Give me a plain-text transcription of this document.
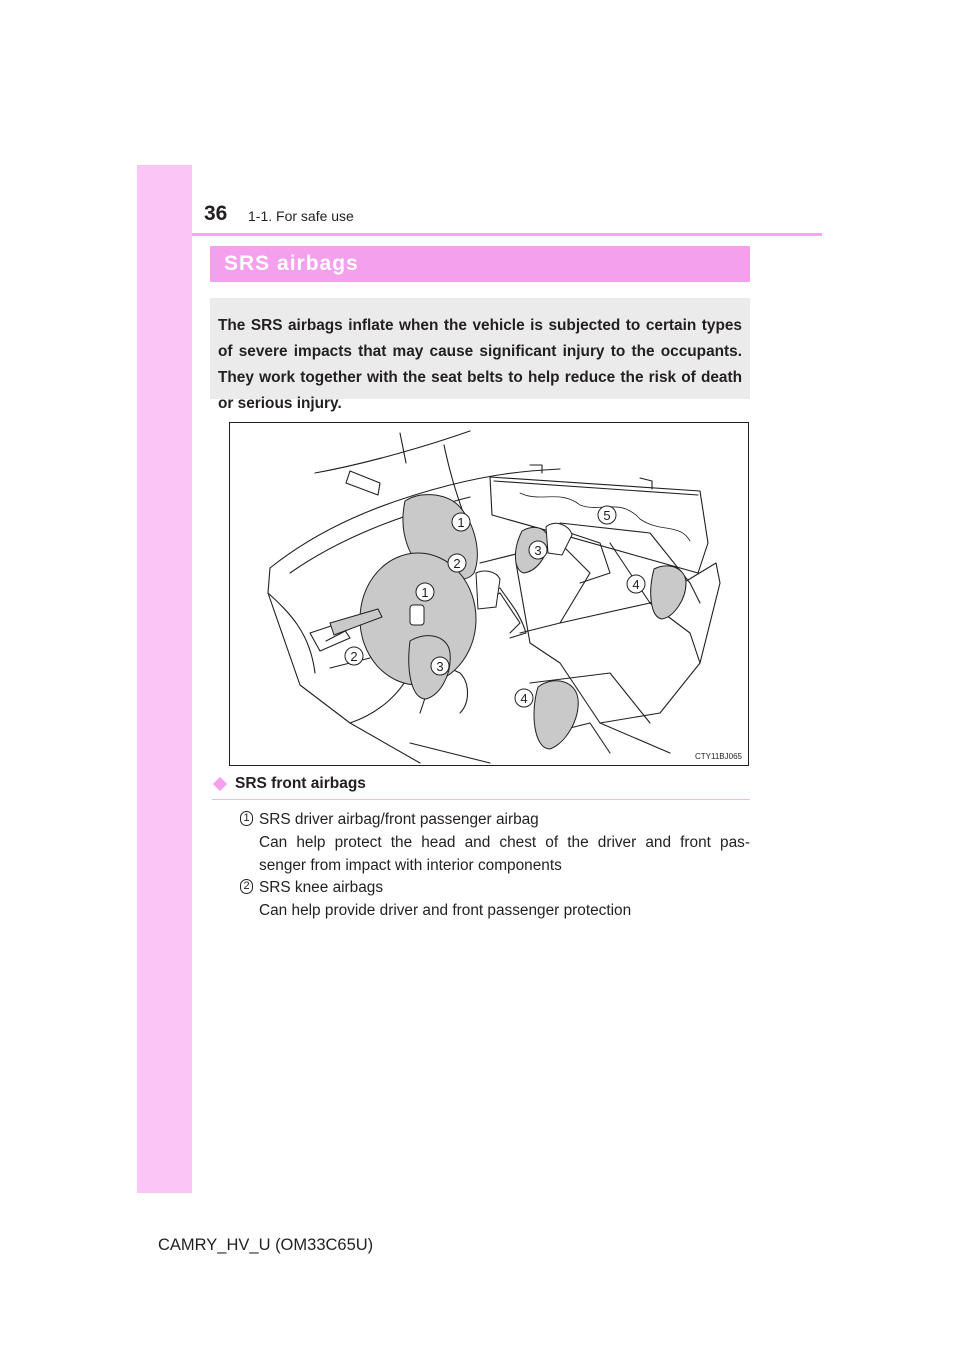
36 1-1. For safe use
SRS airbags

The SRS airbags inflate when the vehicle is subjected to certain types of severe impacts that may cause significant injury to the occupants. They work together with the seat belts to help reduce the risk of death or serious injury.

1
2
3
5
4
1
2
3
4
CTY11BJ065
SRS front airbags
1 SRS driver airbag/front passenger airbag
Can help protect the head and chest of the driver and front pas-
senger from impact with interior components
2 SRS knee airbags
Can help provide driver and front passenger protection
CAMRY_HV_U (OM33C65U)
